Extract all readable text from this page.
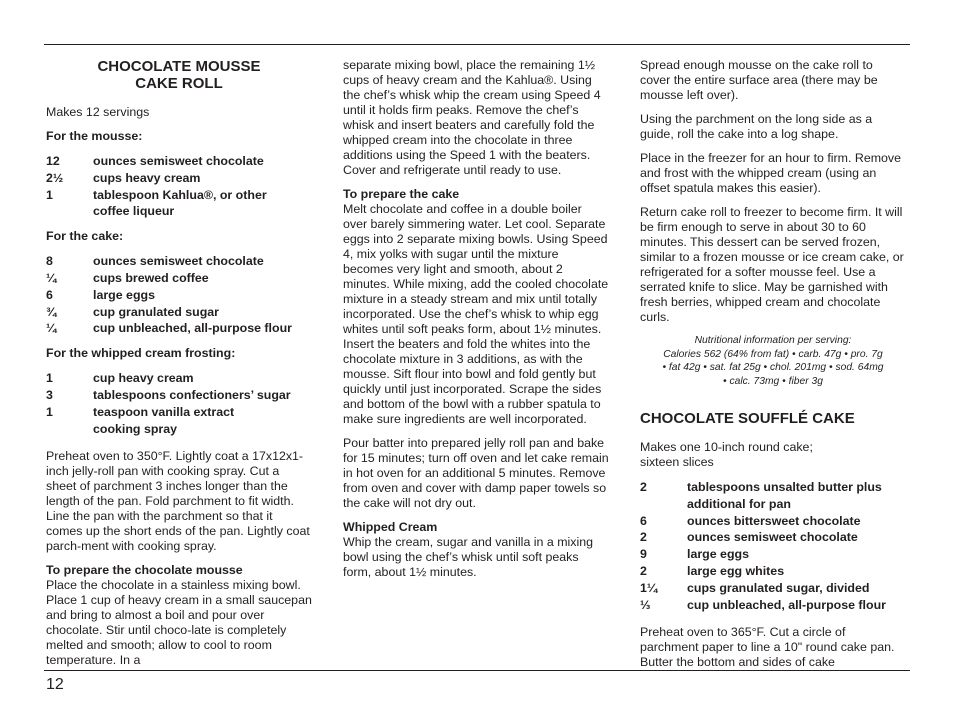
CHOCOLATE MOUSSE
CAKE ROLL

Makes 12 servings

For the mousse:

12	ounces semisweet chocolate
2½	cups heavy cream
1	tablespoon Kahlua®, or other
coffee liqueur

For the cake:

8	ounces semisweet chocolate
¼	cups brewed coffee
6	large eggs
¾	cup granulated sugar
¼	cup unbleached, all-purpose flour

For the whipped cream frosting:

1	cup heavy cream
3	tablespoons confectioners’ sugar
1	teaspoon vanilla extract
cooking spray

Preheat oven to 350°F. Lightly coat a 17x12x1-inch jelly-roll pan with cooking spray. Cut a sheet of parchment 3 inches longer than the length of the pan. Fold parchment to fit width. Line the pan with the parchment so that it comes up the short ends of the pan. Lightly coat parch-ment with cooking spray.

To prepare the chocolate mousse
Place the chocolate in a stainless mixing bowl. Place 1 cup of heavy cream in a small saucepan and bring to almost a boil and pour over chocolate. Stir until choco-late is completely melted and smooth; allow to cool to room temperature. In a

separate mixing bowl, place the remaining 1½ cups of heavy cream and the Kahlua®. Using the chef’s whisk whip the cream using Speed 4 until it holds firm peaks. Remove the chef’s whisk and insert beaters and carefully fold the whipped cream into the chocolate in three additions using the Speed 1 with the beaters. Cover and refrigerate until ready to use.

To prepare the cake
Melt chocolate and coffee in a double boiler over barely simmering water. Let cool. Separate eggs into 2 separate mixing bowls. Using Speed 4, mix yolks with sugar until the mixture becomes very light and smooth, about 2 minutes. While mixing, add the cooled chocolate mixture in a steady stream and mix until totally incorporated. Use the chef’s whisk to whip egg whites until soft peaks form, about 1½ minutes. Insert the beaters and fold the whites into the chocolate mixture in 3 additions, as with the mousse. Sift flour into bowl and fold gently but quickly until just incorporated. Scrape the sides and bottom of the bowl with a rubber spatula to make sure ingredients are well incorporated.

Pour batter into prepared jelly roll pan and bake for 15 minutes; turn off oven and let cake remain in hot oven for an additional 5 minutes. Remove from oven and cover with damp paper towels so the cake will not dry out.

Whipped Cream
Whip the cream, sugar and vanilla in a mixing bowl using the chef’s whisk until soft peaks form, about 1½ minutes.

Spread enough mousse on the cake roll to cover the entire surface area (there may be mousse left over).

Using the parchment on the long side as a guide, roll the cake into a log shape.

Place in the freezer for an hour to firm. Remove and frost with the whipped cream (using an offset spatula makes this easier).

Return cake roll to freezer to become firm. It will be firm enough to serve in about 30 to 60 minutes. This dessert can be served frozen, similar to a frozen mousse or ice cream cake, or refrigerated for a softer mousse feel. Use a serrated knife to slice. May be garnished with fresh berries, whipped cream and chocolate curls.

Nutritional information per serving:
Calories 562 (64% from fat) • carb. 47g • pro. 7g
• fat 42g • sat. fat 25g • chol. 201mg • sod. 64mg
• calc. 73mg • fiber 3g
CHOCOLATE SOUFFLÉ CAKE

Makes one 10-inch round cake;
sixteen slices

2	tablespoons unsalted butter plus
additional for pan
6	ounces bittersweet chocolate
2	ounces semisweet chocolate
9	large eggs
2	large egg whites
1¼	cups granulated sugar, divided
⅓	cup unbleached, all-purpose flour

Preheat oven to 365°F. Cut a circle of parchment paper to line a 10" round cake pan. Butter the bottom and sides of cake

12
